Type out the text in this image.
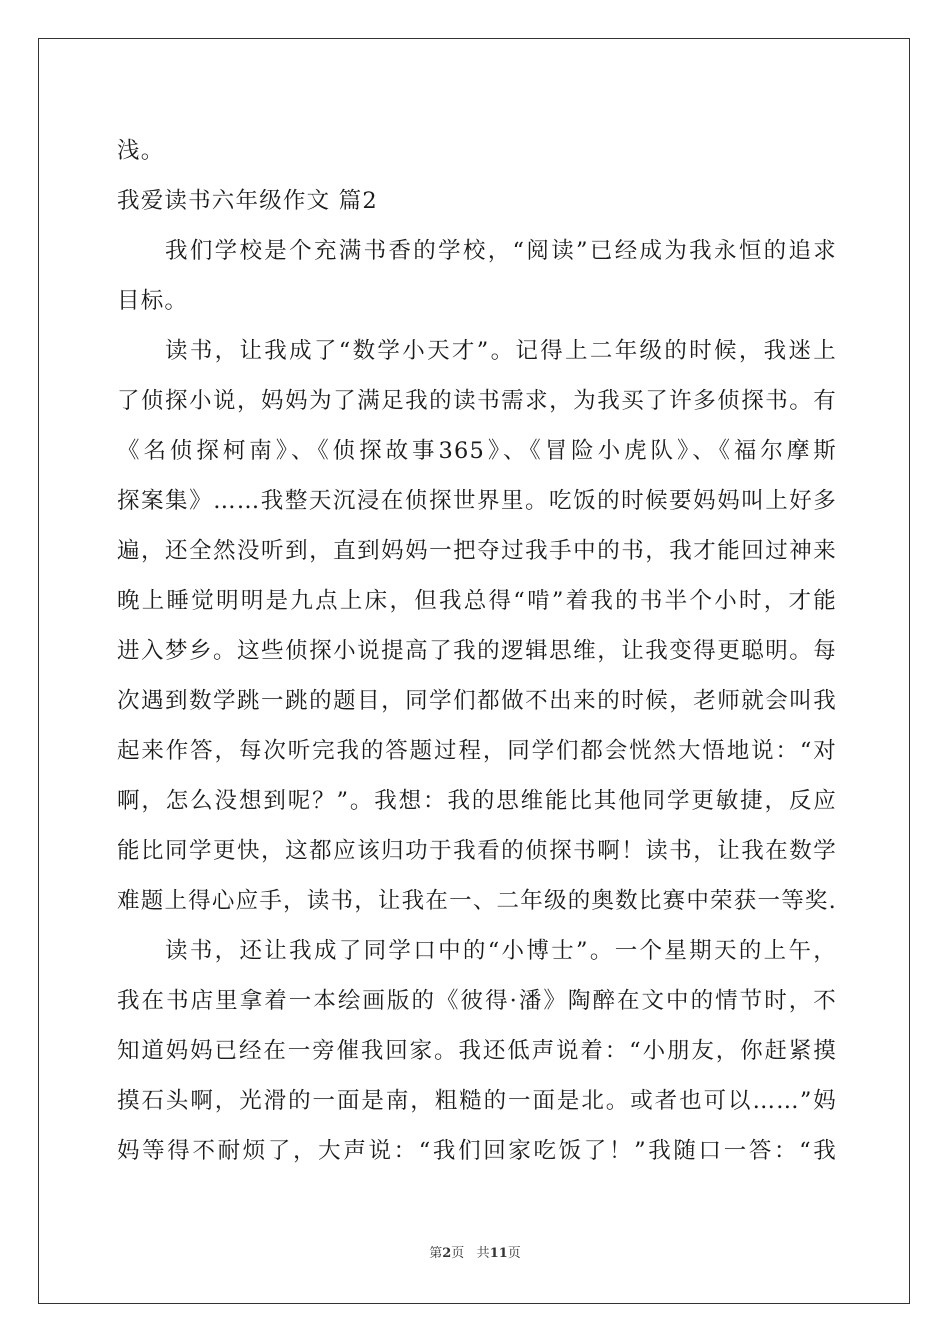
浅。
我爱读书六年级作文 篇2
我们学校是个充满书香的学校，“阅读”已经成为我永恒的追求
目标。
读书，让我成了“数学小天才”。记得上二年级的时候，我迷上
了侦探小说，妈妈为了满足我的读书需求，为我买了许多侦探书。有
《名侦探柯南》、《侦探故事365》、《冒险小虎队》、《福尔摩斯
探案集》……我整天沉浸在侦探世界里。吃饭的时候要妈妈叫上好多
遍，还全然没听到，直到妈妈一把夺过我手中的书，我才能回过神来
晚上睡觉明明是九点上床，但我总得“啃”着我的书半个小时，才能
进入梦乡。这些侦探小说提高了我的逻辑思维，让我变得更聪明。每
次遇到数学跳一跳的题目，同学们都做不出来的时候，老师就会叫我
起来作答，每次听完我的答题过程，同学们都会恍然大悟地说：“对
啊，怎么没想到呢？”。我想：我的思维能比其他同学更敏捷，反应
能比同学更快，这都应该归功于我看的侦探书啊！读书，让我在数学
难题上得心应手，读书，让我在一、二年级的奥数比赛中荣获一等奖.
读书，还让我成了同学口中的“小博士”。一个星期天的上午，
我在书店里拿着一本绘画版的《彼得·潘》陶醉在文中的情节时，不
知道妈妈已经在一旁催我回家。我还低声说着：“小朋友，你赶紧摸
摸石头啊，光滑的一面是南，粗糙的一面是北。或者也可以……”妈
妈等得不耐烦了，大声说：“我们回家吃饭了！”我随口一答：“我
第2页 共11页
